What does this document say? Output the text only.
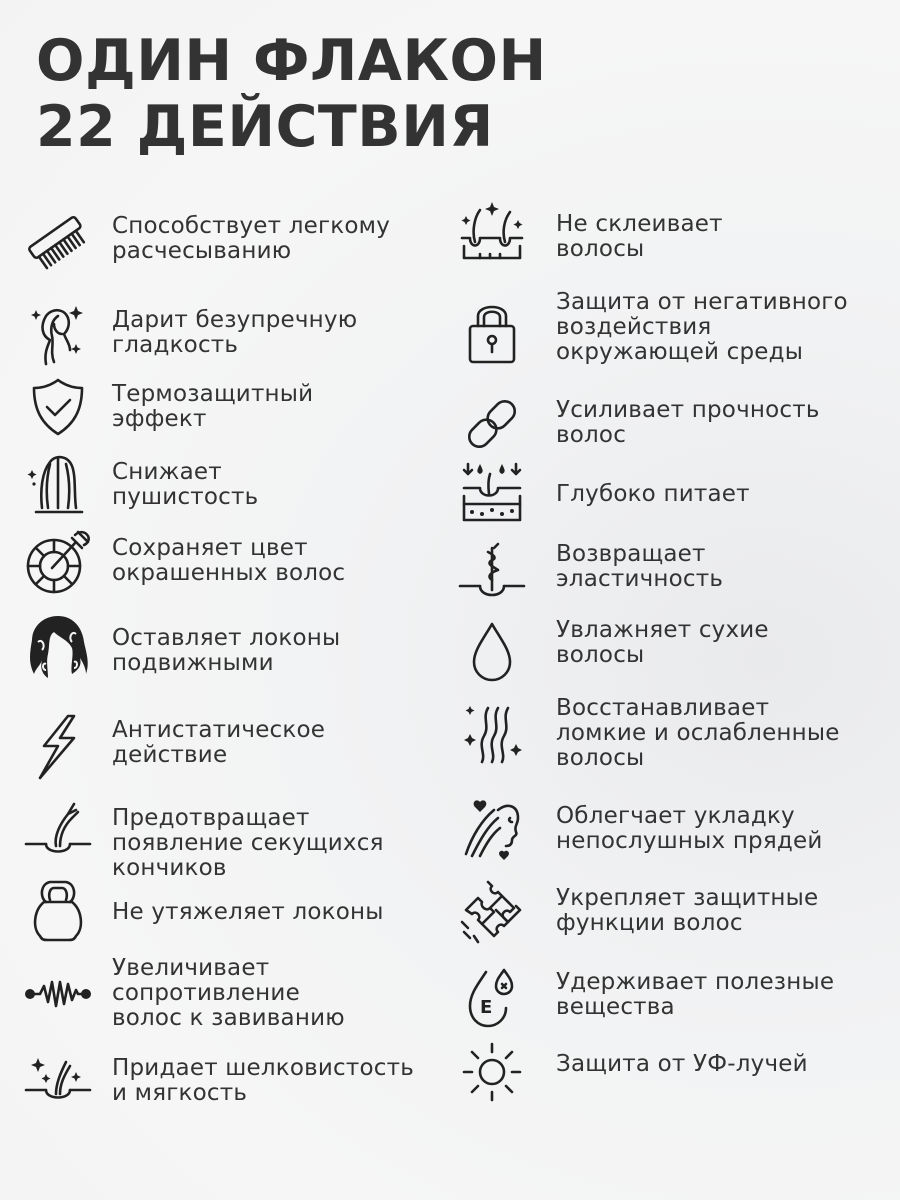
ОДИН ФЛАКОН
22 ДЕЙСТВИЯ
Способствует легкому
расчесыванию
Дарит безупречную
гладкость
Термозащитный
эффект
Снижает
пушистость
Сохраняет цвет
окрашенных волос
Оставляет локоны
подвижными
Антистатическое
действие
Предотвращает
появление секущихся
кончиков
Не утяжеляет локоны
Увеличивает
сопротивление
волос к завиванию
Придает шелковистость
и мягкость
Не склеивает
волосы
Защита от негативного
воздействия
окружающей среды
Усиливает прочность
волос
Глубоко питает
Возвращает
эластичность
Увлажняет сухие
волосы
Восстанавливает
ломкие и ослабленные
волосы
Облегчает укладку
непослушных прядей
Укрепляет защитные
функции волос
E
Удерживает полезные
вещества
Защита от УФ-лучей
